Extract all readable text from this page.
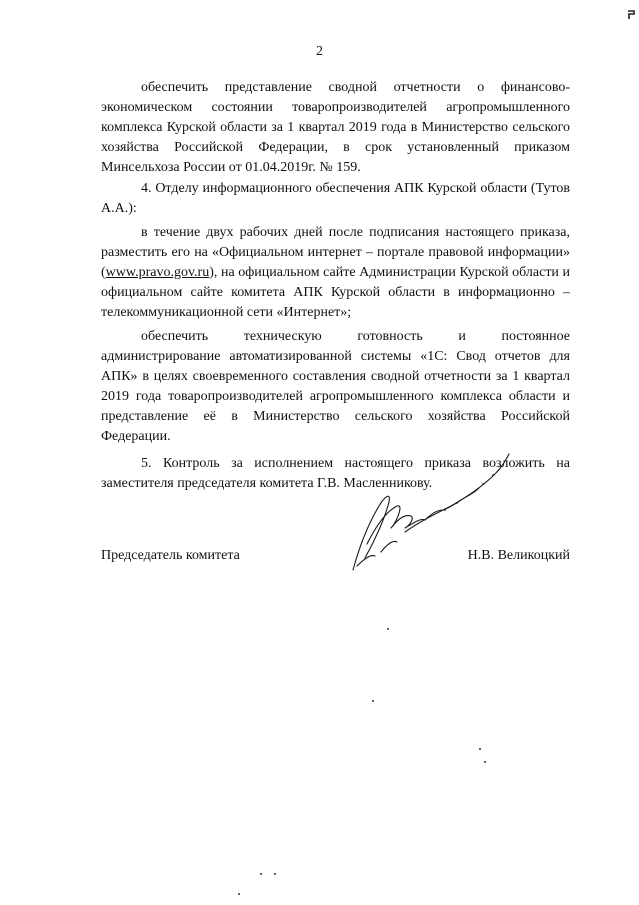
2

обеспечить представление сводной отчетности о финансово-экономическом состоянии товаропроизводителей агропромышленного комплекса Курской области за 1 квартал 2019 года в Министерство сельского хозяйства Российской Федерации, в срок установленный приказом Минсельхоза России от 01.04.2019г. № 159.

4. Отделу информационного обеспечения АПК Курской области (Тутов А.А.):

в течение двух рабочих дней после подписания настоящего приказа, разместить его на «Официальном интернет – портале правовой информации» (www.pravo.gov.ru), на официальном сайте Администрации Курской области и официальном сайте комитета АПК Курской области в информационно – телекоммуникационной сети «Интернет»;

обеспечить техническую готовность и постоянное

администрирование автоматизированной системы «1С: Свод отчетов для АПК» в целях своевременного составления сводной отчетности за 1 квартал 2019 года товаропроизводителей агропромышленного комплекса области и представление её в Министерство сельского хозяйства Российской Федерации.

5. Контроль за исполнением настоящего приказа возложить на заместителя председателя комитета Г.В. Масленникову.

Председатель комитета	Н.В. Великоцкий
